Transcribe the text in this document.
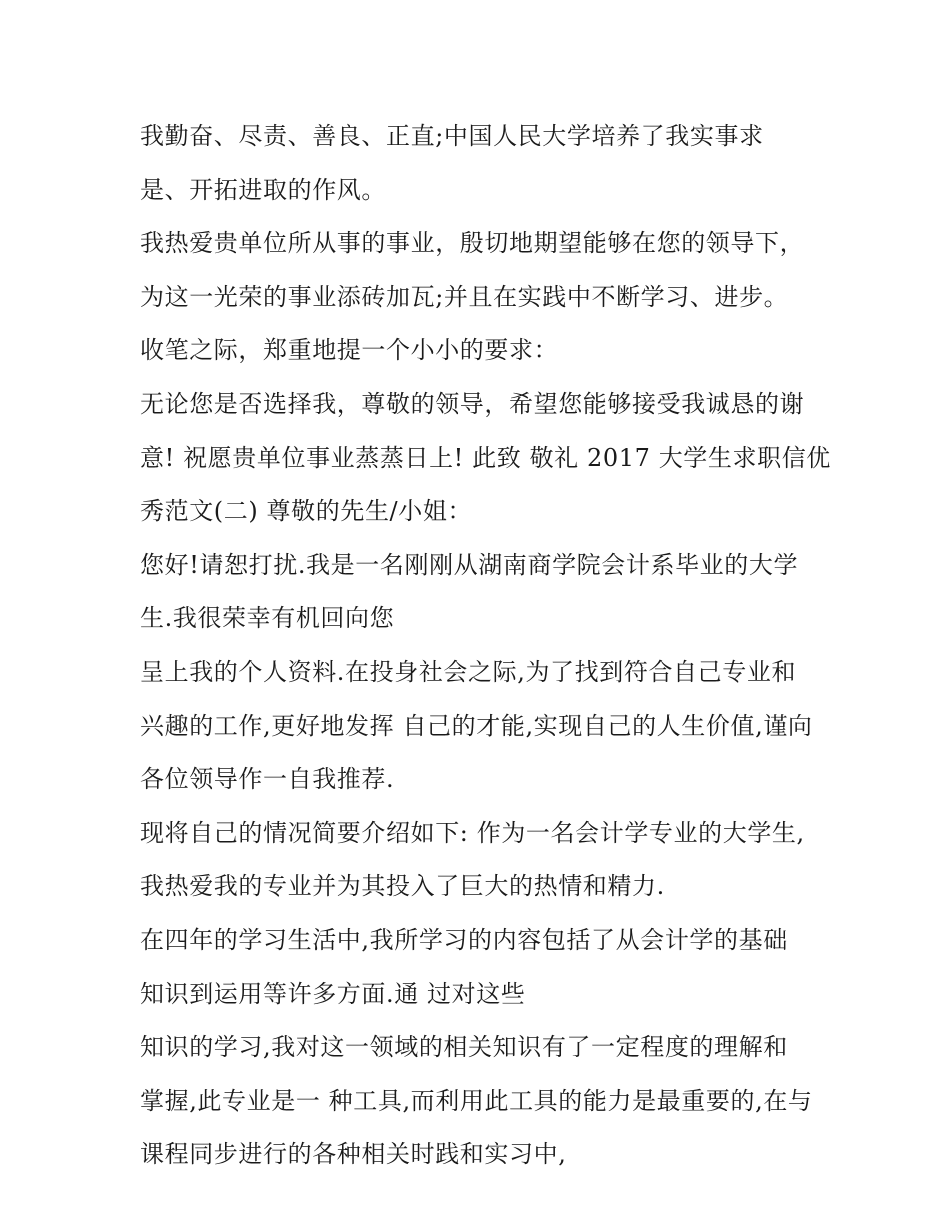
我勤奋、尽责、善良、正直;中国人民大学培养了我实事求
是、开拓进取的作风。
我热爱贵单位所从事的事业，殷切地期望能够在您的领导下，
为这一光荣的事业添砖加瓦;并且在实践中不断学习、进步。
收笔之际，郑重地提一个小小的要求：
无论您是否选择我，尊敬的领导，希望您能够接受我诚恳的谢
意! 祝愿贵单位事业蒸蒸日上! 此致 敬礼 2017 大学生求职信优
秀范文(二) 尊敬的先生/小姐：
您好!请恕打扰.我是一名刚刚从湖南商学院会计系毕业的大学
生.我很荣幸有机回向您
呈上我的个人资料.在投身社会之际,为了找到符合自己专业和
兴趣的工作,更好地发挥 自己的才能,实现自己的人生价值,谨向
各位领导作一自我推荐.
现将自己的情况简要介绍如下: 作为一名会计学专业的大学生,
我热爱我的专业并为其投入了巨大的热情和精力.
在四年的学习生活中,我所学习的内容包括了从会计学的基础
知识到运用等许多方面.通 过对这些
知识的学习,我对这一领域的相关知识有了一定程度的理解和
掌握,此专业是一 种工具,而利用此工具的能力是最重要的,在与
课程同步进行的各种相关时践和实习中,
